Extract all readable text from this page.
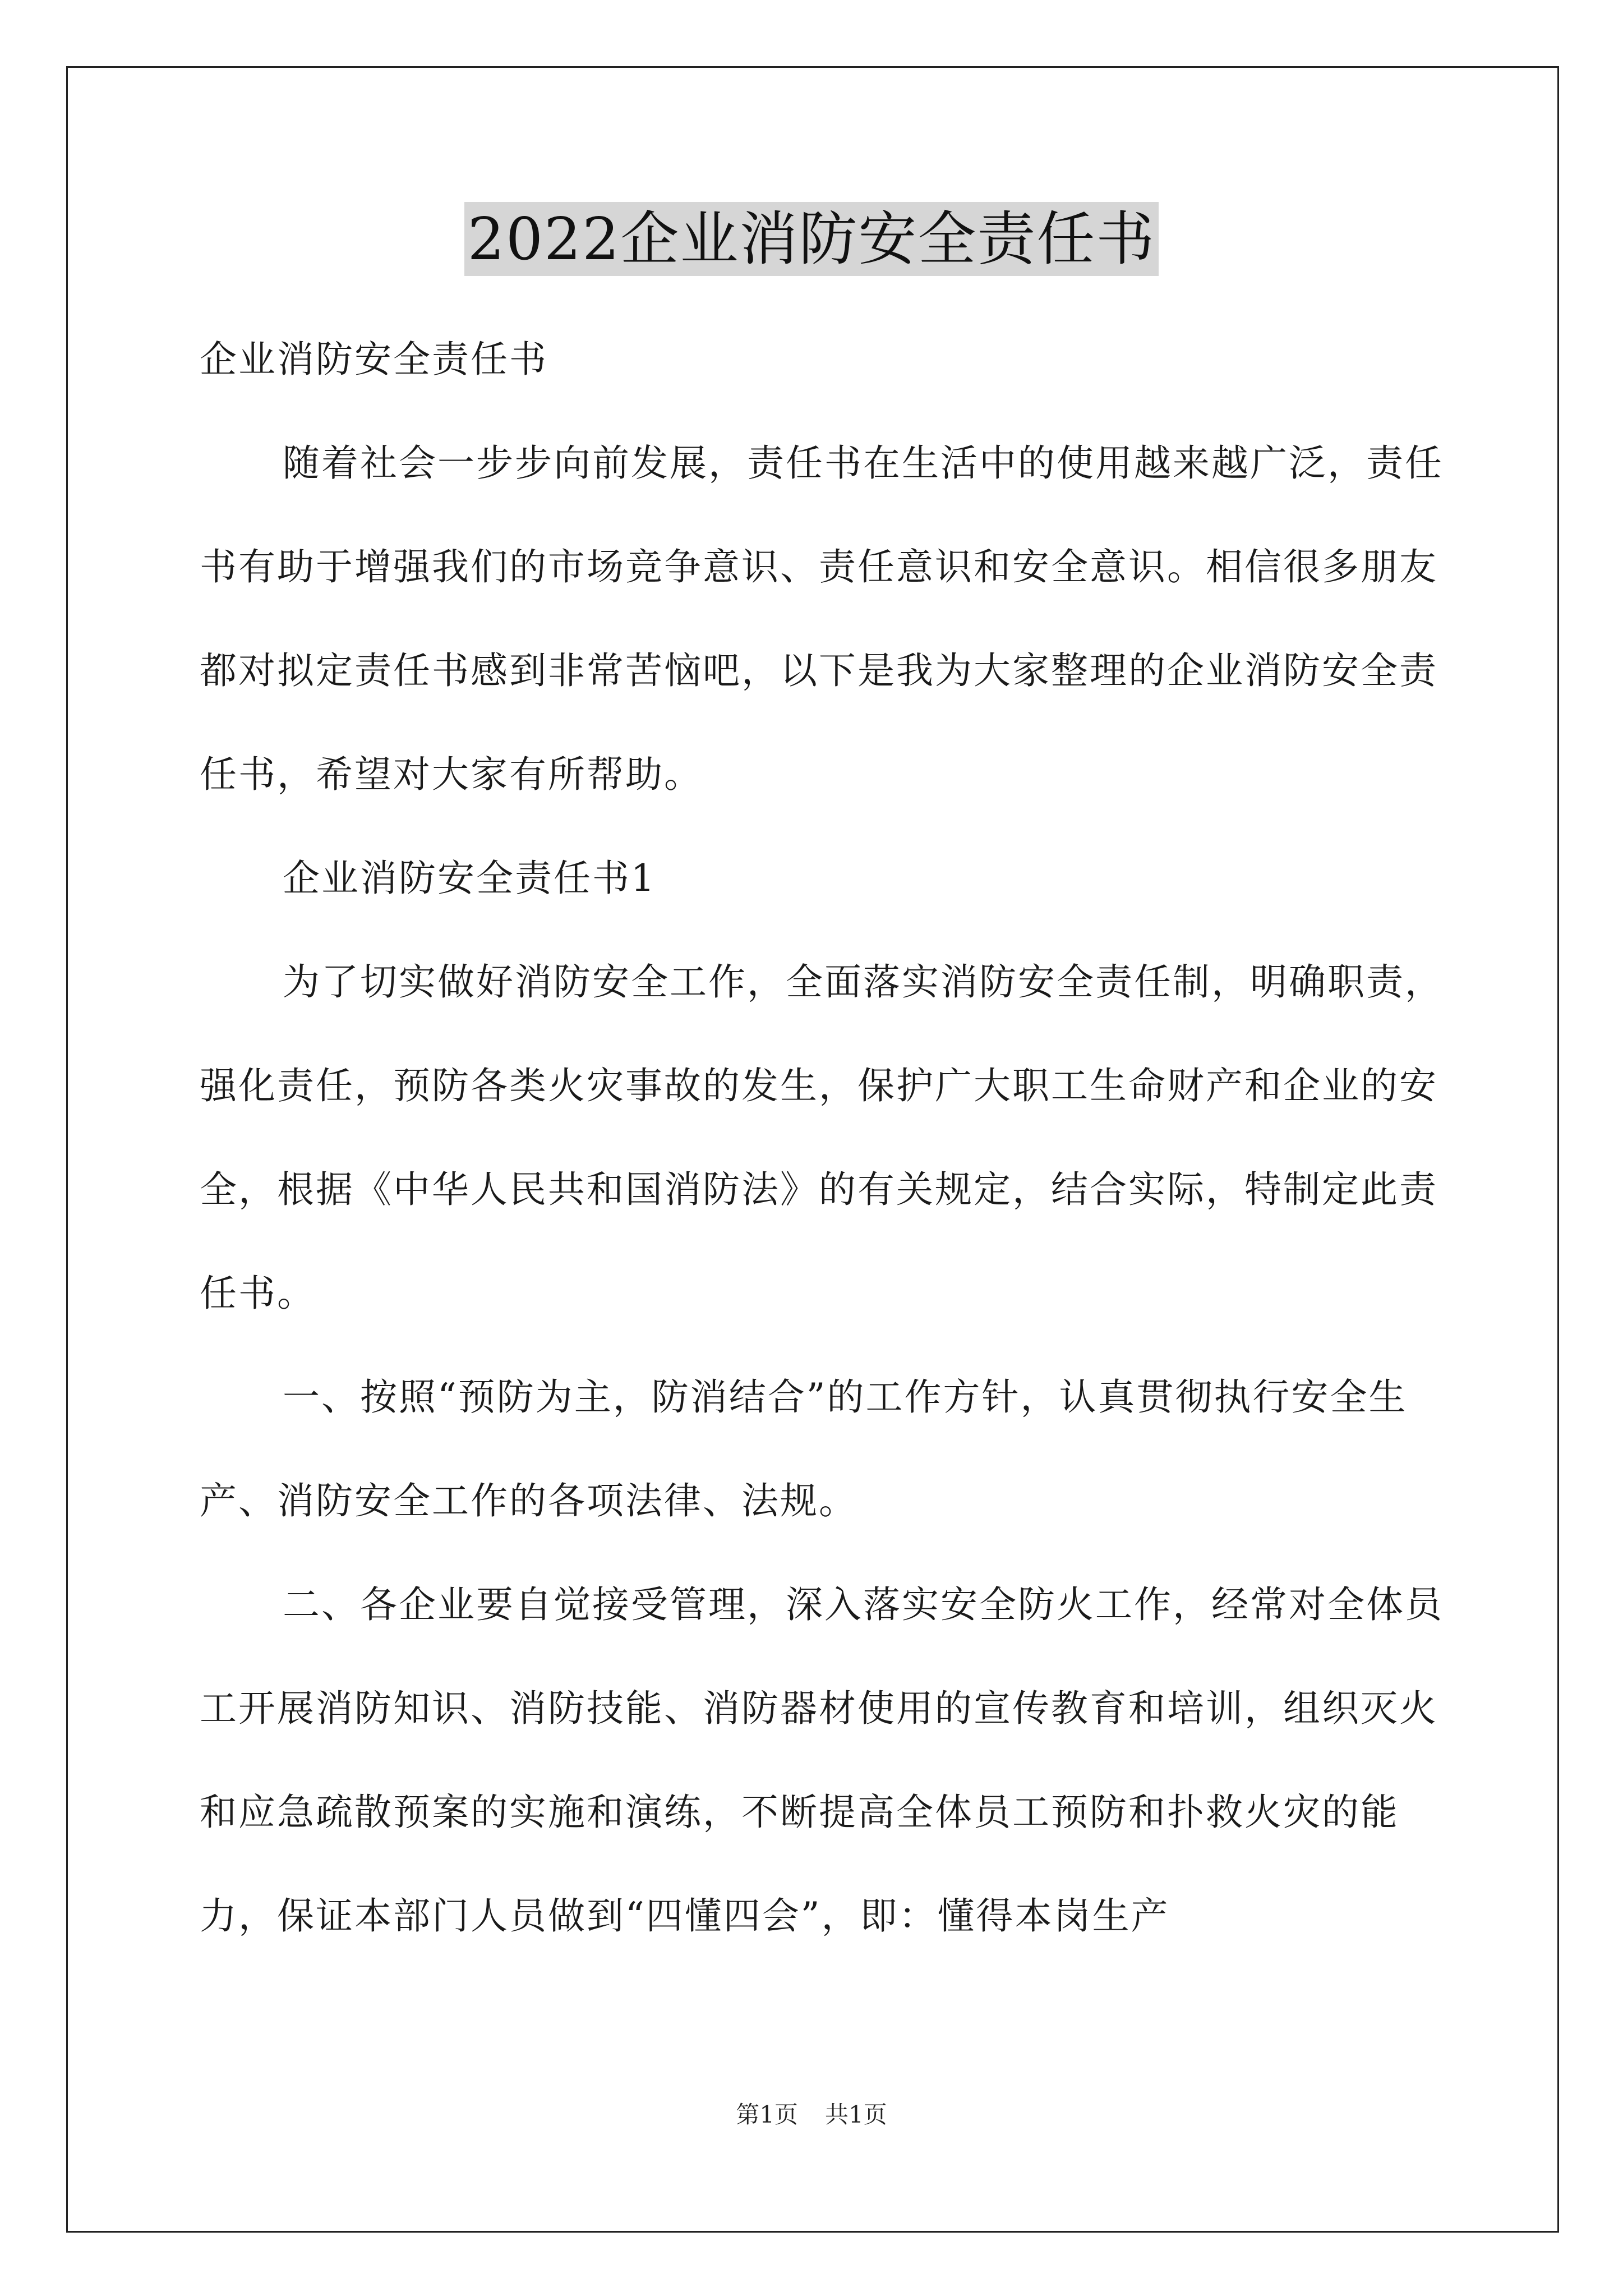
2022企业消防安全责任书

企业消防安全责任书

随着社会一步步向前发展，责任书在生活中的使用越来越广泛，责任书有助于增强我们的市场竞争意识、责任意识和安全意识。相信很多朋友都对拟定责任书感到非常苦恼吧，以下是我为大家整理的企业消防安全责任书，希望对大家有所帮助。

企业消防安全责任书1

为了切实做好消防安全工作，全面落实消防安全责任制，明确职责，强化责任，预防各类火灾事故的发生，保护广大职工生命财产和企业的安全，根据《中华人民共和国消防法》的有关规定，结合实际，特制定此责任书。

一、按照“预防为主，防消结合”的工作方针，认真贯彻执行安全生产、消防安全工作的各项法律、法规。

二、各企业要自觉接受管理，深入落实安全防火工作，经常对全体员工开展消防知识、消防技能、消防器材使用的宣传教育和培训，组织灭火和应急疏散预案的实施和演练，不断提高全体员工预防和扑救火灾的能力，保证本部门人员做到“四懂四会”，即：懂得本岗生产

第1页 共1页
